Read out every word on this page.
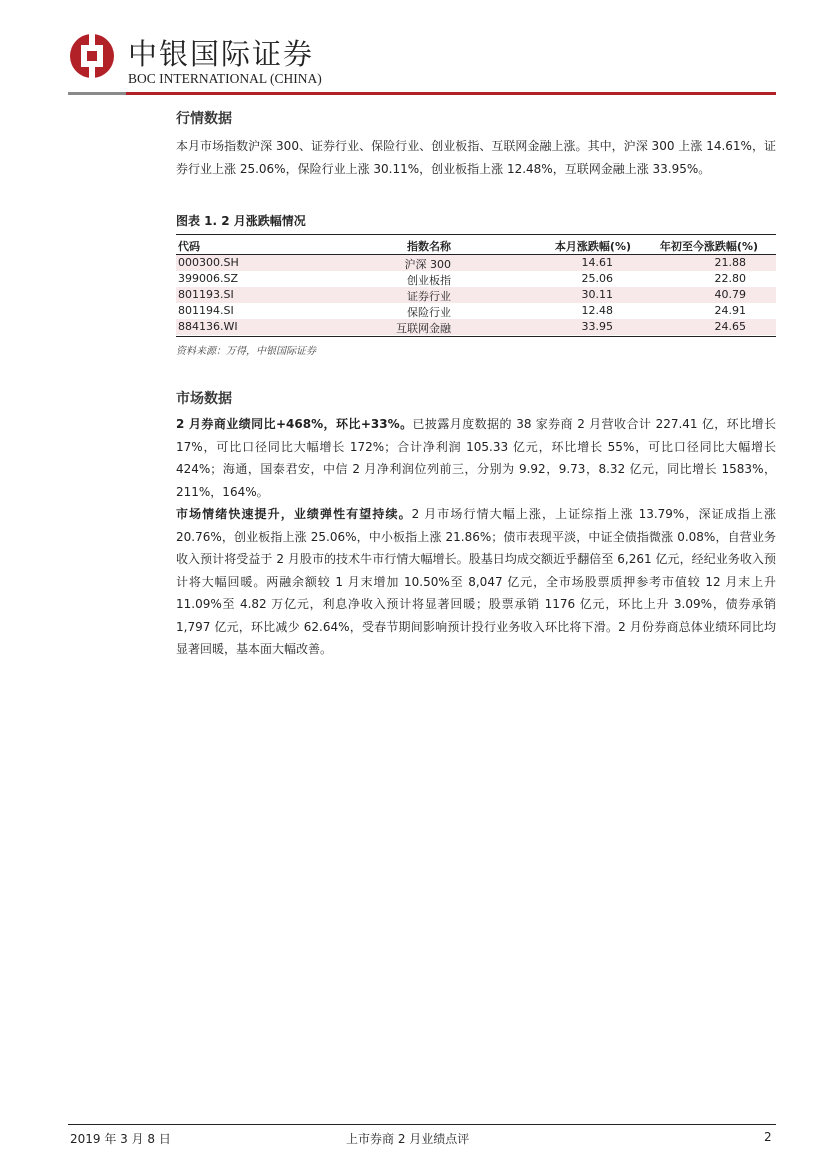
中银国际证券
BOC INTERNATIONAL (CHINA)
行情数据
本月市场指数沪深 300、证券行业、保险行业、创业板指、互联网金融上涨。其中，沪深 300 上涨 14.61%，证券行业上涨 25.06%，保险行业上涨 30.11%，创业板指上涨 12.48%，互联网金融上涨 33.95%。
图表 1. 2 月涨跌幅情况
代码	指数名称	本月涨跌幅(%)	年初至今涨跌幅(%)
000300.SH	沪深 300	14.61	21.88
399006.SZ	创业板指	25.06	22.80
801193.SI	证券行业	30.11	40.79
801194.SI	保险行业	12.48	24.91
884136.WI	互联网金融	33.95	24.65
资料来源：万得，中银国际证券
市场数据
2 月券商业绩同比+468%，环比+33%。已披露月度数据的 38 家券商 2 月营收合计 227.41 亿，环比增长 17%，可比口径同比大幅增长 172%；合计净利润 105.33 亿元，环比增长 55%，可比口径同比大幅增长 424%；海通，国泰君安，中信 2 月净利润位列前三，分别为 9.92，9.73，8.32 亿元，同比增长 1583%，211%，164%。
市场情绪快速提升，业绩弹性有望持续。2 月市场行情大幅上涨，上证综指上涨 13.79%，深证成指上涨 20.76%，创业板指上涨 25.06%，中小板指上涨 21.86%；债市表现平淡，中证全债指微涨 0.08%，自营业务收入预计将受益于 2 月股市的技术牛市行情大幅增长。股基日均成交额近乎翻倍至 6,261 亿元，经纪业务收入预计将大幅回暖。两融余额较 1 月末增加 10.50%至 8,047 亿元，全市场股票质押参考市值较 12 月末上升 11.09%至 4.82 万亿元，利息净收入预计将显著回暖；股票承销 1176 亿元，环比上升 3.09%，债券承销 1,797 亿元，环比减少 62.64%，受春节期间影响预计投行业务收入环比将下滑。2 月份券商总体业绩环同比均显著回暖，基本面大幅改善。
2019 年 3 月 8 日	上市券商 2 月业绩点评	2
